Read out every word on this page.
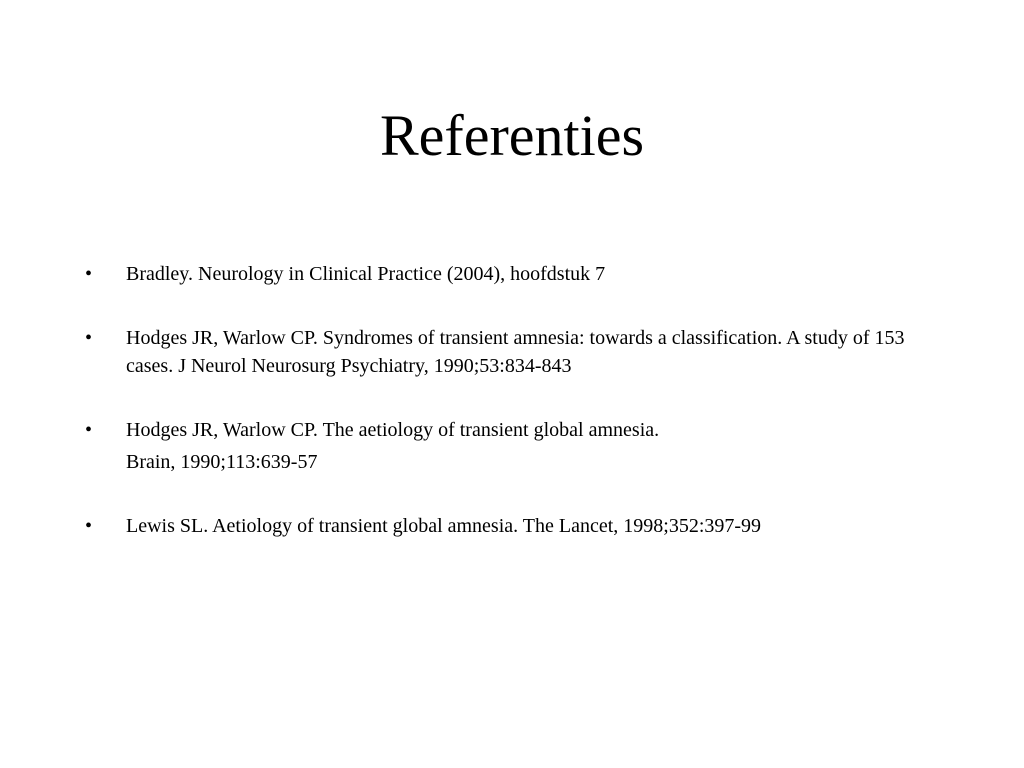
Referenties
•	Bradley. Neurology in Clinical Practice (2004), hoofdstuk 7
•	Hodges JR, Warlow CP. Syndromes of transient amnesia: towards a classification. A study of 153 cases. J Neurol Neurosurg Psychiatry, 1990;53:834-843
•	Hodges JR, Warlow CP. The aetiology of transient global amnesia.
Brain, 1990;113:639-57
•	Lewis SL. Aetiology of transient global amnesia. The Lancet, 1998;352:397-99
